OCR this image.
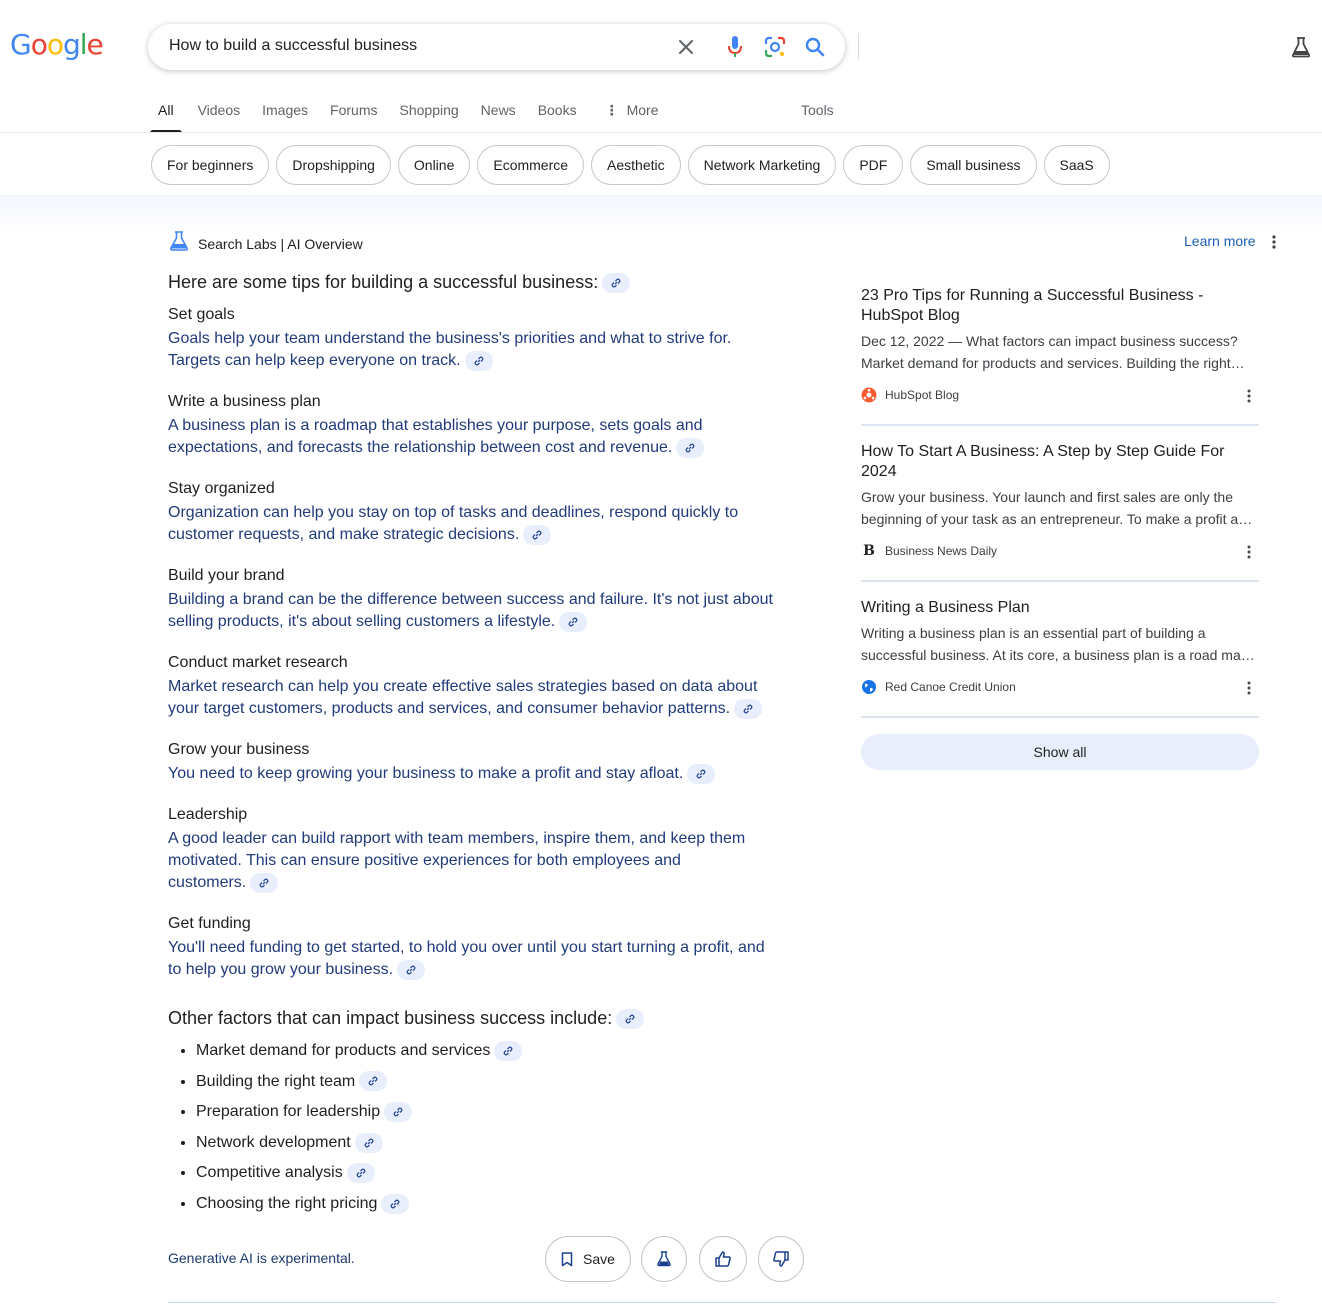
Google	How to build a successful business
All Videos Images Forums Shopping News Books ⋮ More	Tools
For beginners	Dropshipping	Online	Ecommerce	Aesthetic	Network Marketing	PDF	Small business	SaaS
Search Labs | AI Overview	Learn more
Here are some tips for building a successful business:
Set goals
Goals help your team understand the business's priorities and what to strive for.
Targets can help keep everyone on track.
Write a business plan
A business plan is a roadmap that establishes your purpose, sets goals and
expectations, and forecasts the relationship between cost and revenue.
Stay organized
Organization can help you stay on top of tasks and deadlines, respond quickly to
customer requests, and make strategic decisions.
Build your brand
Building a brand can be the difference between success and failure. It's not just about
selling products, it's about selling customers a lifestyle.
Conduct market research
Market research can help you create effective sales strategies based on data about
your target customers, products and services, and consumer behavior patterns.
Grow your business
You need to keep growing your business to make a profit and stay afloat.
Leadership
A good leader can build rapport with team members, inspire them, and keep them
motivated. This can ensure positive experiences for both employees and
customers.
Get funding
You'll need funding to get started, to hold you over until you start turning a profit, and
to help you grow your business.
Other factors that can impact business success include:
• Market demand for products and services
• Building the right team
• Preparation for leadership
• Network development
• Competitive analysis
• Choosing the right pricing
Generative AI is experimental.	Save
23 Pro Tips for Running a Successful Business - HubSpot Blog
Dec 12, 2022 — What factors can impact business success?
Market demand for products and services. Building the right…
HubSpot Blog
How To Start A Business: A Step by Step Guide For 2024
Grow your business. Your launch and first sales are only the
beginning of your task as an entrepreneur. To make a profit a…
B Business News Daily
Writing a Business Plan
Writing a business plan is an essential part of building a
successful business. At its core, a business plan is a road ma…
Red Canoe Credit Union
Show all
